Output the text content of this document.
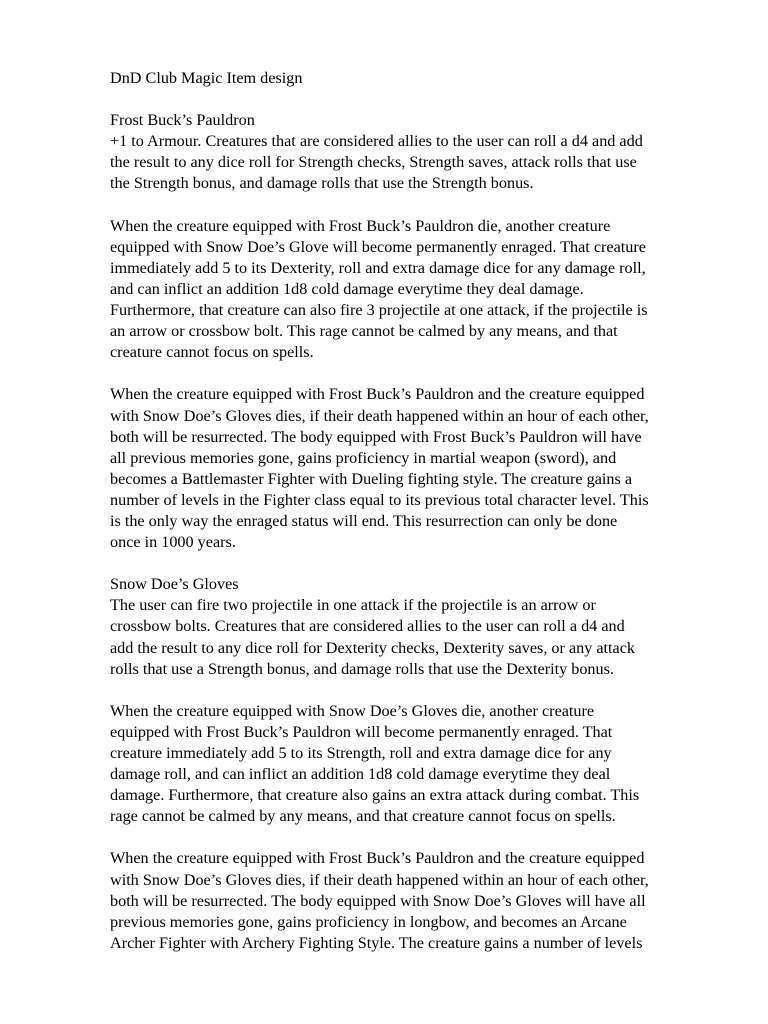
DnD Club Magic Item design
Frost Buck’s Pauldron
+1 to Armour. Creatures that are considered allies to the user can roll a d4 and add
the result to any dice roll for Strength checks, Strength saves, attack rolls that use
the Strength bonus, and damage rolls that use the Strength bonus.
When the creature equipped with Frost Buck’s Pauldron die, another creature
equipped with Snow Doe’s Glove will become permanently enraged. That creature
immediately add 5 to its Dexterity, roll and extra damage dice for any damage roll,
and can inflict an addition 1d8 cold damage everytime they deal damage.
Furthermore, that creature can also fire 3 projectile at one attack, if the projectile is
an arrow or crossbow bolt. This rage cannot be calmed by any means, and that
creature cannot focus on spells.
When the creature equipped with Frost Buck’s Pauldron and the creature equipped
with Snow Doe’s Gloves dies, if their death happened within an hour of each other,
both will be resurrected. The body equipped with Frost Buck’s Pauldron will have
all previous memories gone, gains proficiency in martial weapon (sword), and
becomes a Battlemaster Fighter with Dueling fighting style. The creature gains a
number of levels in the Fighter class equal to its previous total character level. This
is the only way the enraged status will end. This resurrection can only be done
once in 1000 years.
Snow Doe’s Gloves
The user can fire two projectile in one attack if the projectile is an arrow or
crossbow bolts. Creatures that are considered allies to the user can roll a d4 and
add the result to any dice roll for Dexterity checks, Dexterity saves, or any attack
rolls that use a Strength bonus, and damage rolls that use the Dexterity bonus.
When the creature equipped with Snow Doe’s Gloves die, another creature
equipped with Frost Buck’s Pauldron will become permanently enraged. That
creature immediately add 5 to its Strength, roll and extra damage dice for any
damage roll, and can inflict an addition 1d8 cold damage everytime they deal
damage. Furthermore, that creature also gains an extra attack during combat. This
rage cannot be calmed by any means, and that creature cannot focus on spells.
When the creature equipped with Frost Buck’s Pauldron and the creature equipped
with Snow Doe’s Gloves dies, if their death happened within an hour of each other,
both will be resurrected. The body equipped with Snow Doe’s Gloves will have all
previous memories gone, gains proficiency in longbow, and becomes an Arcane
Archer Fighter with Archery Fighting Style. The creature gains a number of levels
